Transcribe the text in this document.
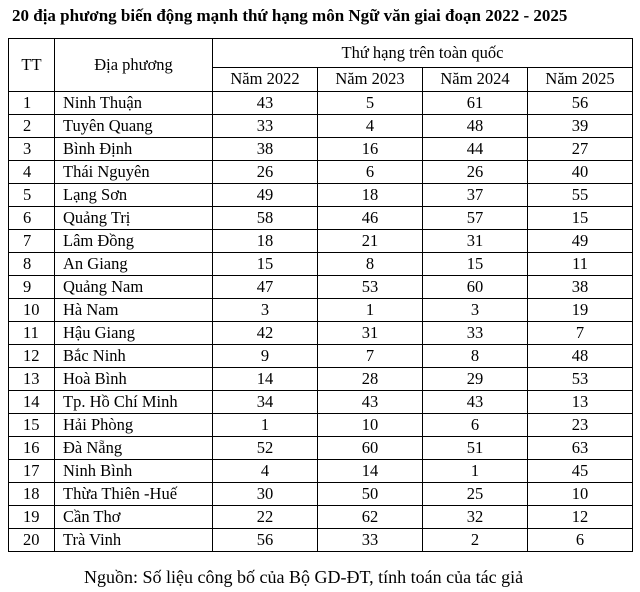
20 địa phương biến động mạnh thứ hạng môn Ngữ văn giai đoạn 2022 - 2025
TT	Địa phương	Thứ hạng trên toàn quốc			
		Năm 2022	Năm 2023	Năm 2024	Năm 2025
1	Ninh Thuận	43	5	61	56
2	Tuyên Quang	33	4	48	39
3	Bình Định	38	16	44	27
4	Thái Nguyên	26	6	26	40
5	Lạng Sơn	49	18	37	55
6	Quảng Trị	58	46	57	15
7	Lâm Đồng	18	21	31	49
8	An Giang	15	8	15	11
9	Quảng Nam	47	53	60	38
10	Hà Nam	3	1	3	19
11	Hậu Giang	42	31	33	7
12	Bắc Ninh	9	7	8	48
13	Hoà Bình	14	28	29	53
14	Tp. Hồ Chí Minh	34	43	43	13
15	Hải Phòng	1	10	6	23
16	Đà Nẵng	52	60	51	63
17	Ninh Bình	4	14	1	45
18	Thừa Thiên -Huế	30	50	25	10
19	Cần Thơ	22	62	32	12
20	Trà Vinh	56	33	2	6
Nguồn: Số liệu công bố của Bộ GD-ĐT, tính toán của tác giả
